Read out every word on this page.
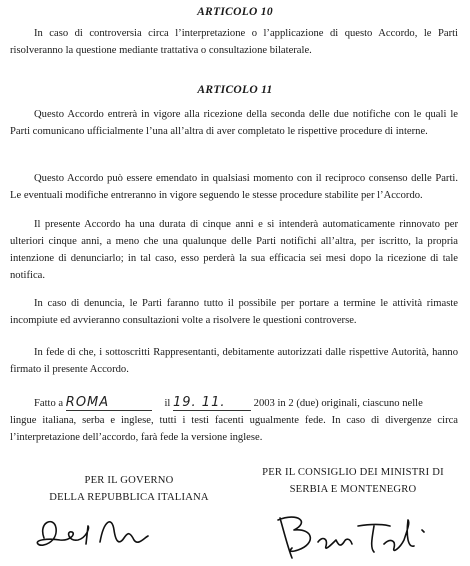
ARTICOLO 10

In caso di controversia circa l’interpretazione o l’applicazione di questo Accordo, le Parti risolveranno la questione mediante trattativa o consultazione bilaterale.

ARTICOLO 11

Questo Accordo entrerà in vigore alla ricezione della seconda delle due notifiche con le quali le Parti comunicano ufficialmente l’una all’altra di aver completato le rispettive procedure di interne.

Questo Accordo può essere emendato in qualsiasi momento con il reciproco consenso delle Parti. Le eventuali modifiche entreranno in vigore seguendo le stesse procedure stabilite per l’Accordo.

Il presente Accordo ha una durata di cinque anni e si intenderà automaticamente rinnovato per ulteriori cinque anni, a meno che una qualunque delle Parti notifichi all’altra, per iscritto, la propria intenzione di denunciarlo; in tal caso, esso perderà la sua efficacia sei mesi dopo la ricezione di tale notifica.

In caso di denuncia, le Parti faranno tutto il possibile per portare a termine le attività rimaste incompiute ed avvieranno consultazioni volte a risolvere le questioni controverse.

In fede di che, i sottoscritti Rappresentanti, debitamente autorizzati dalle rispettive Autorità, hanno firmato il presente Accordo.

Fatto a ROMA	il 19. 11.	2003 in 2 (due) originali, ciascuno nelle

lingue italiana, serba e inglese, tutti i testi facenti ugualmente fede. In caso di divergenze circa l’interpretazione dell’accordo, farà fede la versione inglese.

PER IL GOVERNO
DELLA REPUBBLICA ITALIANA
PER IL CONSIGLIO DEI MINISTRI DI
SERBIA E MONTENEGRO
